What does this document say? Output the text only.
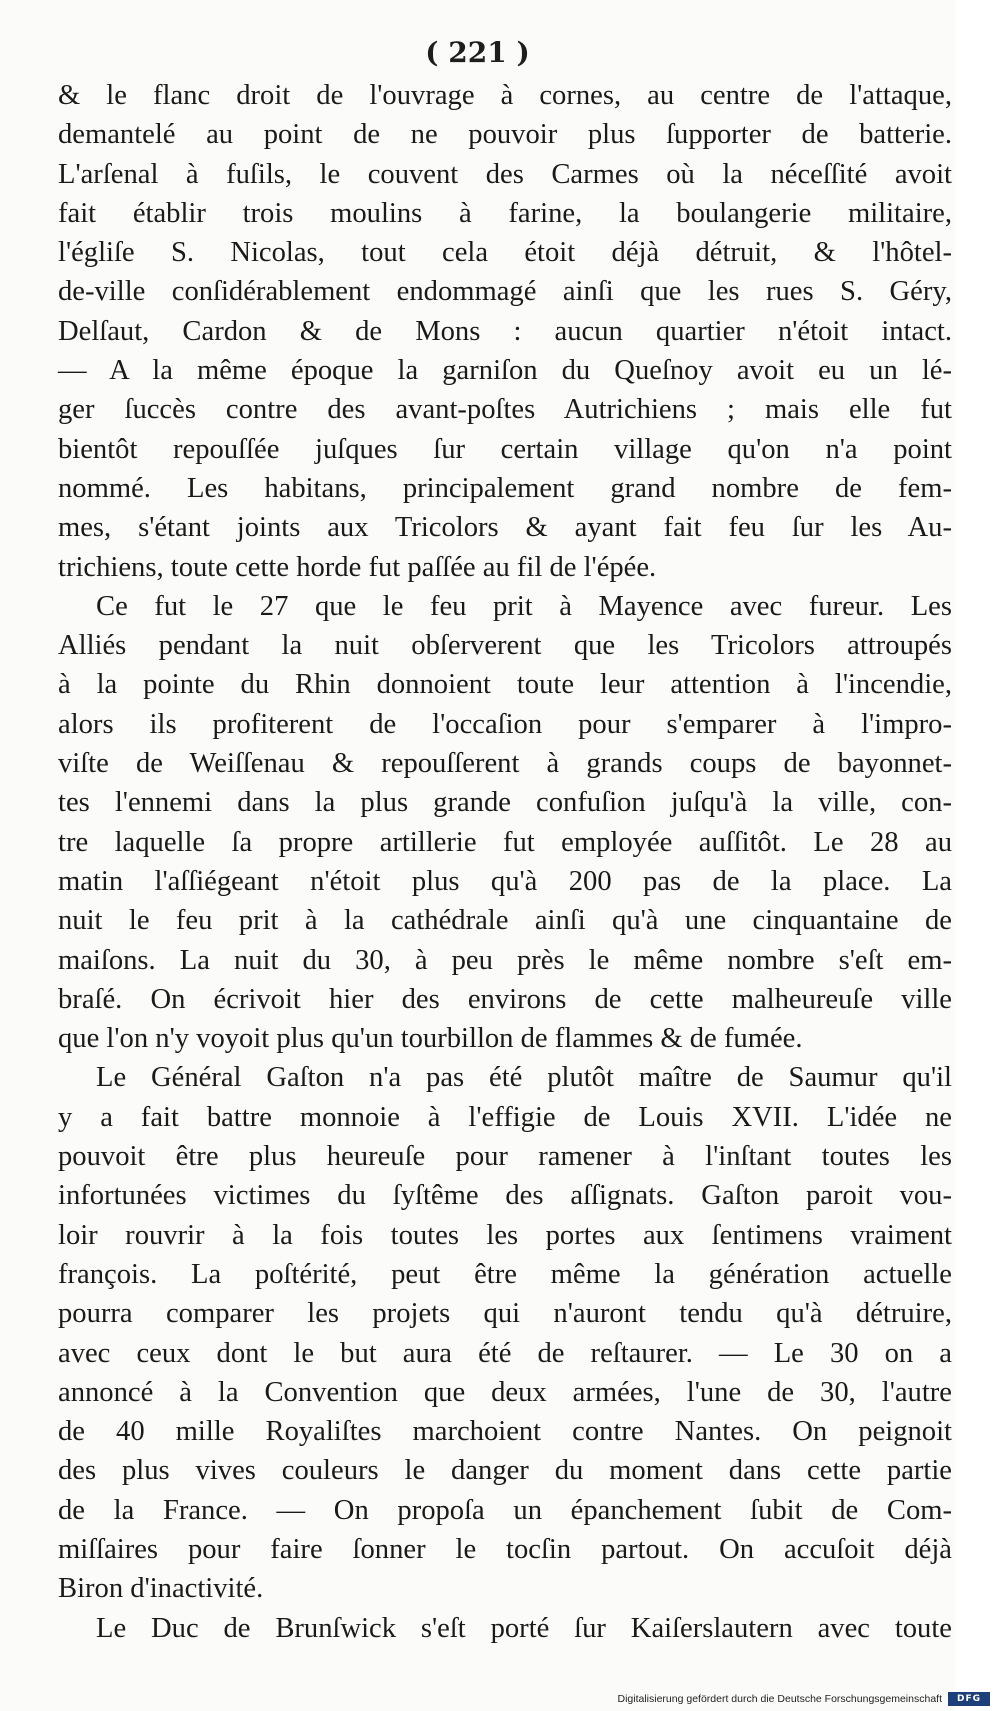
( 221 )
& le flanc droit de l'ouvrage à cornes, au centre de l'attaque,
demantelé au point de ne pouvoir plus ſupporter de batterie.
L'arſenal à fuſils, le couvent des Carmes où la néceſſité avoit
fait établir trois moulins à farine, la boulangerie militaire,
l'égliſe S. Nicolas, tout cela étoit déjà détruit, & l'hôtel-
de-ville conſidérablement endommagé ainſi que les rues S. Géry,
Delſaut, Cardon & de Mons : aucun quartier n'étoit intact.
— A la même époque la garniſon du Queſnoy avoit eu un lé-
ger ſuccès contre des avant-poſtes Autrichiens ; mais elle fut
bientôt repouſſée juſques ſur certain village qu'on n'a point
nommé. Les habitans, principalement grand nombre de fem-
mes, s'étant joints aux Tricolors & ayant fait feu ſur les Au-
trichiens, toute cette horde fut paſſée au fil de l'épée.
Ce fut le 27 que le feu prit à Mayence avec fureur. Les
Alliés pendant la nuit obſerverent que les Tricolors attroupés
à la pointe du Rhin donnoient toute leur attention à l'incendie,
alors ils profiterent de l'occaſion pour s'emparer à l'impro-
viſte de Weiſſenau & repouſſerent à grands coups de bayonnet-
tes l'ennemi dans la plus grande confuſion juſqu'à la ville, con-
tre laquelle ſa propre artillerie fut employée auſſitôt. Le 28 au
matin l'aſſiégeant n'étoit plus qu'à 200 pas de la place. La
nuit le feu prit à la cathédrale ainſi qu'à une cinquantaine de
maiſons. La nuit du 30, à peu près le même nombre s'eſt em-
braſé. On écrivoit hier des environs de cette malheureuſe ville
que l'on n'y voyoit plus qu'un tourbillon de flammes & de fumée.
Le Général Gaſton n'a pas été plutôt maître de Saumur qu'il
y a fait battre monnoie à l'effigie de Louis XVII. L'idée ne
pouvoit être plus heureuſe pour ramener à l'inſtant toutes les
infortunées victimes du ſyſtême des aſſignats. Gaſton paroit vou-
loir rouvrir à la fois toutes les portes aux ſentimens vraiment
françois. La poſtérité, peut être même la génération actuelle
pourra comparer les projets qui n'auront tendu qu'à détruire,
avec ceux dont le but aura été de reſtaurer. — Le 30 on a
annoncé à la Convention que deux armées, l'une de 30, l'autre
de 40 mille Royaliſtes marchoient contre Nantes. On peignoit
des plus vives couleurs le danger du moment dans cette partie
de la France. — On propoſa un épanchement ſubit de Com-
miſſaires pour faire ſonner le tocſin partout. On accuſoit déjà
Biron d'inactivité.
Le Duc de Brunſwick s'eſt porté ſur Kaiſerslautern avec toute
Digitalisierung gefördert durch die Deutsche Forschungsgemeinschaft	DFG
